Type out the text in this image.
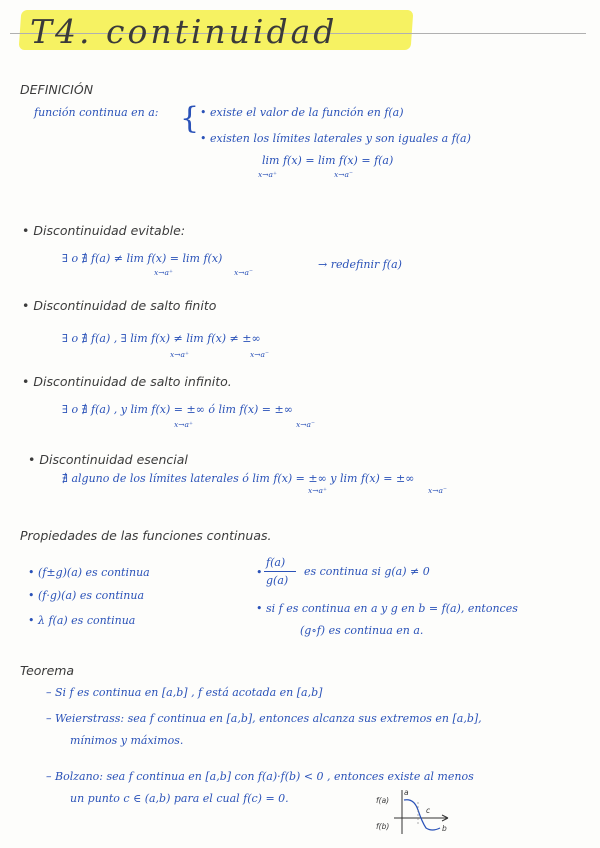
T4. continuidad
DEFINICIÓN
función continua en a: { • existe el valor de la función en f(a)
• existen los límites laterales y son iguales a f(a)
lim f(x) = lim f(x) = f(a)
x→a⁺	x→a⁻
• Discontinuidad evitable:
∃ o ∄ f(a) ≠ lim f(x) = lim f(x)
x→a⁺	x→a⁻
→ redefinir f(a)
• Discontinuidad de salto finito
∃ o ∄ f(a) , ∃ lim f(x) ≠ lim f(x) ≠ ±∞
x→a⁺	x→a⁻
• Discontinuidad de salto infinito.
∃ o ∄ f(a) , y lim f(x) = ±∞ ó lim f(x) = ±∞
x→a⁺	x→a⁻
• Discontinuidad esencial
∄ alguno de los límites laterales ó lim f(x) = ±∞ y lim f(x) = ±∞
x→a⁺	x→a⁻
Propiedades de las funciones continuas.
• (f±g)(a) es continua
• (f·g)(a) es continua
• λ f(a) es continua
•
f(a)
g(a)
es continua si g(a) ≠ 0
• si f es continua en a y g en b = f(a), entonces
(g∘f) es continua en a.
Teorema
– Si f es continua en [a,b] , f está acotada en [a,b]
– Weierstrass: sea f continua en [a,b], entonces alcanza sus extremos en [a,b],
mínimos y máximos.
– Bolzano: sea f continua en [a,b] con f(a)·f(b) < 0 , entonces existe al menos
un punto c ∈ (a,b) para el cual f(c) = 0.	f(a)
f(b)
a
c
b
